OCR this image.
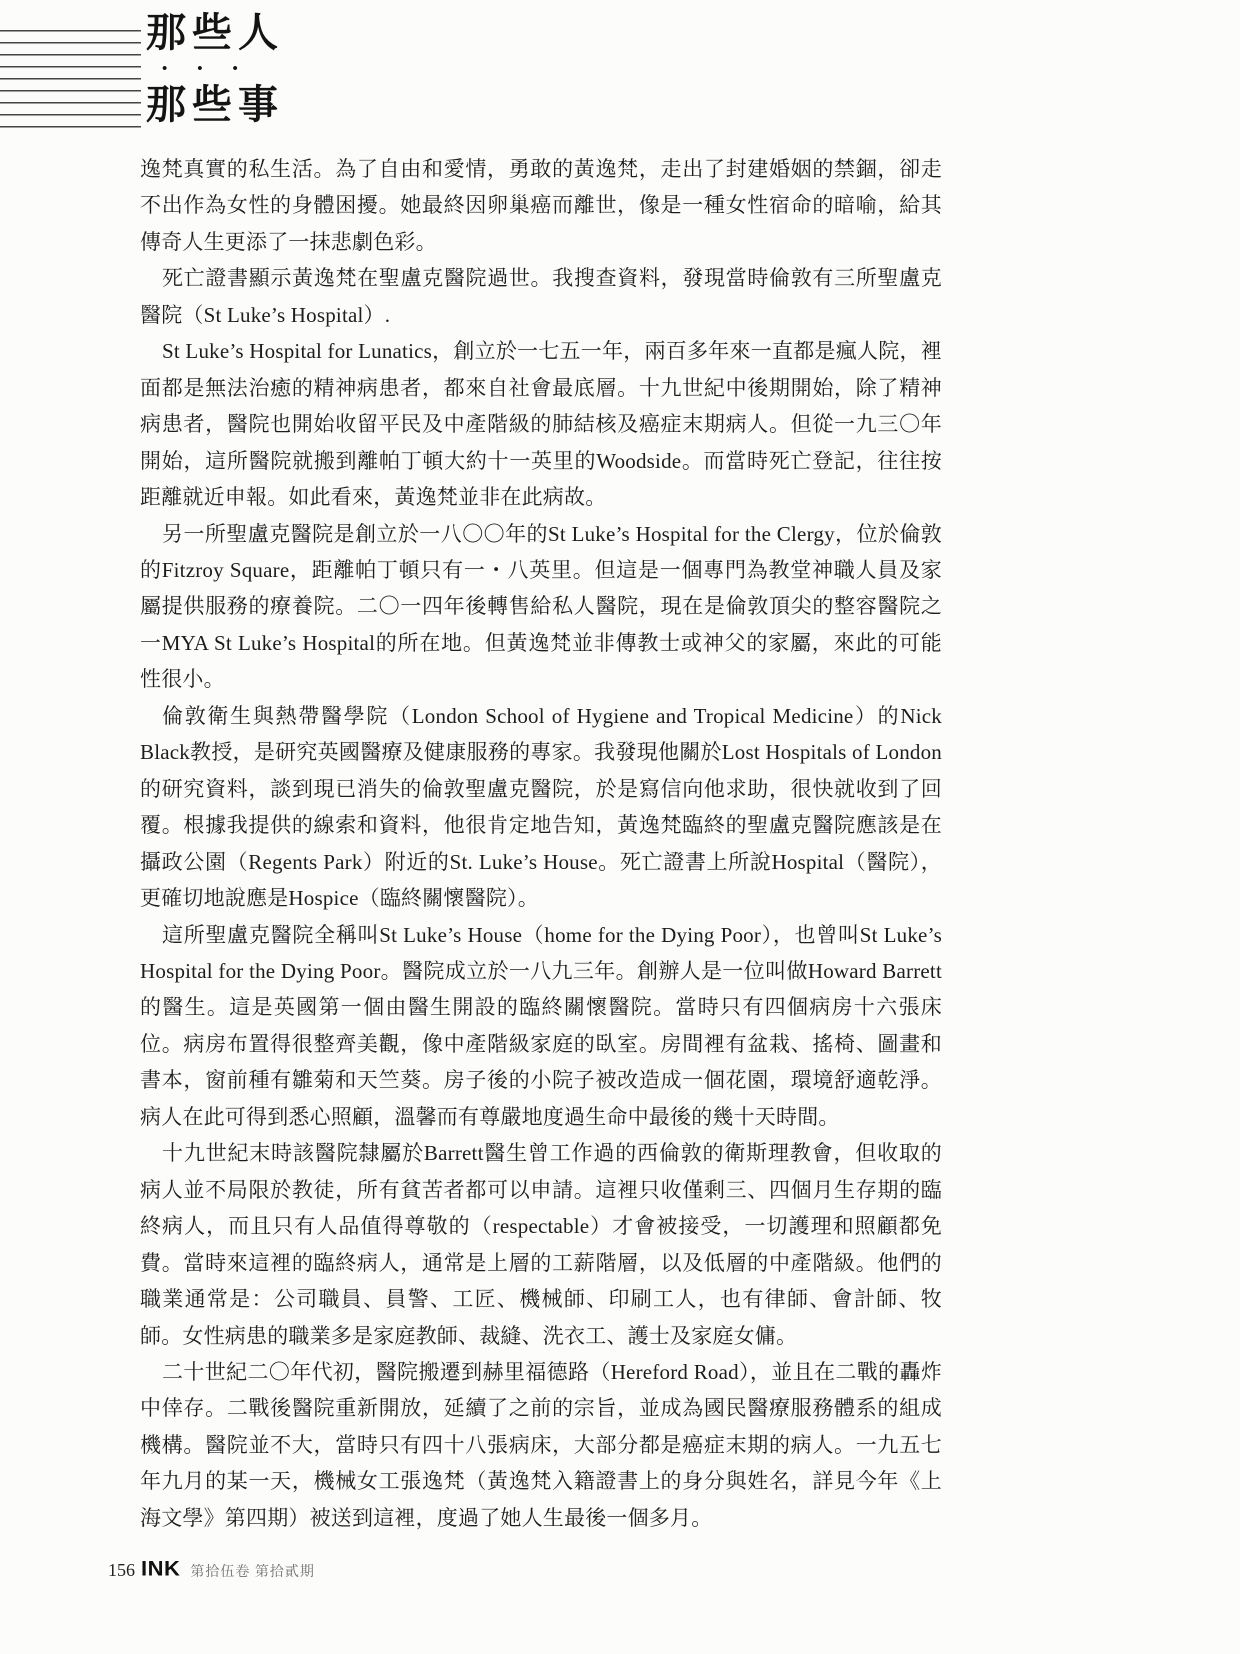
那些人
•••
那些事

逸梵真實的私生活。為了自由和愛情，勇敢的黃逸梵，走出了封建婚姻的禁錮，卻走不出作為女性的身體困擾。她最終因卵巢癌而離世，像是一種女性宿命的暗喻，給其傳奇人生更添了一抹悲劇色彩。

死亡證書顯示黃逸梵在聖盧克醫院過世。我搜查資料，發現當時倫敦有三所聖盧克醫院（St Luke’s Hospital）.

St Luke’s Hospital for Lunatics，創立於一七五一年，兩百多年來一直都是瘋人院，裡面都是無法治癒的精神病患者，都來自社會最底層。十九世紀中後期開始，除了精神病患者，醫院也開始收留平民及中產階級的肺結核及癌症末期病人。但從一九三〇年開始，這所醫院就搬到離帕丁頓大約十一英里的Woodside。而當時死亡登記，往往按距離就近申報。如此看來，黃逸梵並非在此病故。

另一所聖盧克醫院是創立於一八〇〇年的St Luke’s Hospital for the Clergy，位於倫敦的Fitzroy Square，距離帕丁頓只有一・八英里。但這是一個專門為教堂神職人員及家屬提供服務的療養院。二〇一四年後轉售給私人醫院，現在是倫敦頂尖的整容醫院之一MYA St Luke’s Hospital的所在地。但黃逸梵並非傳教士或神父的家屬，來此的可能性很小。

倫敦衛生與熱帶醫學院（London School of Hygiene and Tropical Medicine）的Nick Black教授，是研究英國醫療及健康服務的專家。我發現他關於Lost Hospitals of London的研究資料，談到現已消失的倫敦聖盧克醫院，於是寫信向他求助，很快就收到了回覆。根據我提供的線索和資料，他很肯定地告知，黃逸梵臨終的聖盧克醫院應該是在攝政公園（Regents Park）附近的St. Luke’s House。死亡證書上所說Hospital（醫院），更確切地說應是Hospice（臨終關懷醫院）。

這所聖盧克醫院全稱叫St Luke’s House（home for the Dying Poor），也曾叫St Luke’s Hospital for the Dying Poor。醫院成立於一八九三年。創辦人是一位叫做Howard Barrett的醫生。這是英國第一個由醫生開設的臨終關懷醫院。當時只有四個病房十六張床位。病房布置得很整齊美觀，像中產階級家庭的臥室。房間裡有盆栽、搖椅、圖畫和書本，窗前種有雛菊和天竺葵。房子後的小院子被改造成一個花園，環境舒適乾淨。病人在此可得到悉心照顧，溫馨而有尊嚴地度過生命中最後的幾十天時間。

十九世紀末時該醫院隸屬於Barrett醫生曾工作過的西倫敦的衛斯理教會，但收取的病人並不局限於教徒，所有貧苦者都可以申請。這裡只收僅剩三、四個月生存期的臨終病人，而且只有人品值得尊敬的（respectable）才會被接受，一切護理和照顧都免費。當時來這裡的臨終病人，通常是上層的工薪階層，以及低層的中產階級。他們的職業通常是：公司職員、員警、工匠、機械師、印刷工人，也有律師、會計師、牧師。女性病患的職業多是家庭教師、裁縫、洗衣工、護士及家庭女傭。

二十世紀二〇年代初，醫院搬遷到赫里福德路（Hereford Road），並且在二戰的轟炸中倖存。二戰後醫院重新開放，延續了之前的宗旨，並成為國民醫療服務體系的組成機構。醫院並不大，當時只有四十八張病床，大部分都是癌症末期的病人。一九五七年九月的某一天，機械女工張逸梵（黃逸梵入籍證書上的身分與姓名，詳見今年《上海文學》第四期）被送到這裡，度過了她人生最後一個多月。

156 INK 第拾伍卷 第拾貳期
